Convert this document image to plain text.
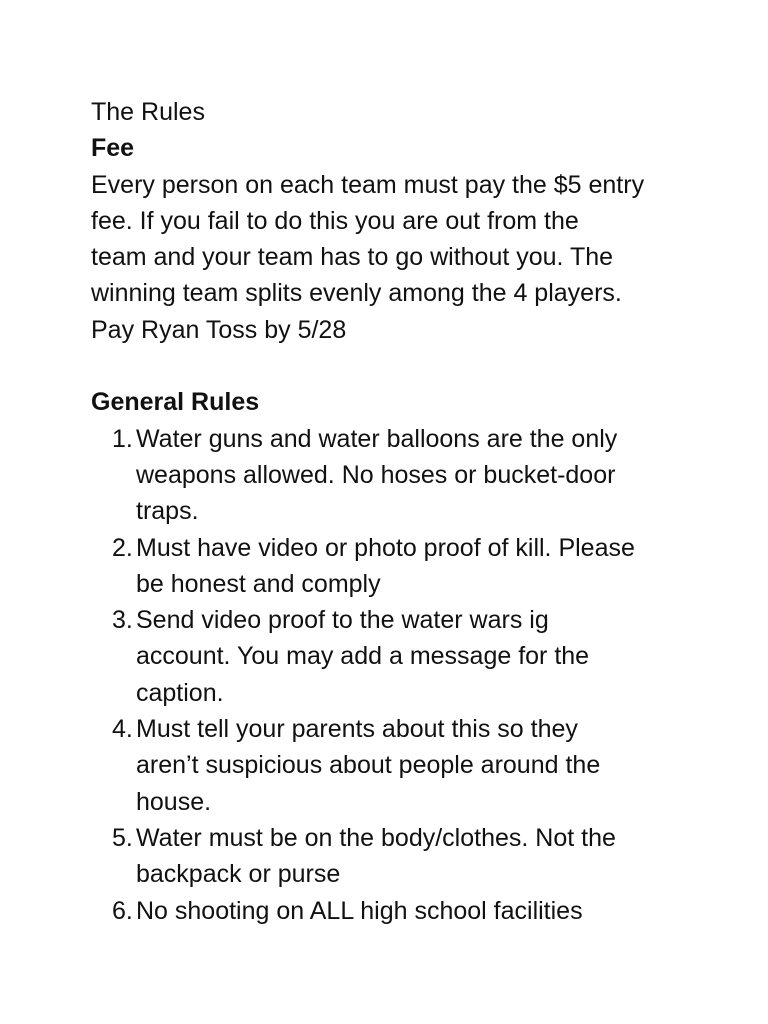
The Rules

Fee

Every person on each team must pay the $5 entry

fee. If you fail to do this you are out from the

team and your team has to go without you. The

winning team splits evenly among the 4 players.

Pay Ryan Toss by 5/28

General Rules

1. Water guns and water balloons are the only

weapons allowed. No hoses or bucket-door

traps.

2. Must have video or photo proof of kill. Please

be honest and comply

3. Send video proof to the water wars ig

account. You may add a message for the

caption.

4. Must tell your parents about this so they

aren’t suspicious about people around the

house.

5. Water must be on the body/clothes. Not the

backpack or purse

6. No shooting on ALL high school facilities
